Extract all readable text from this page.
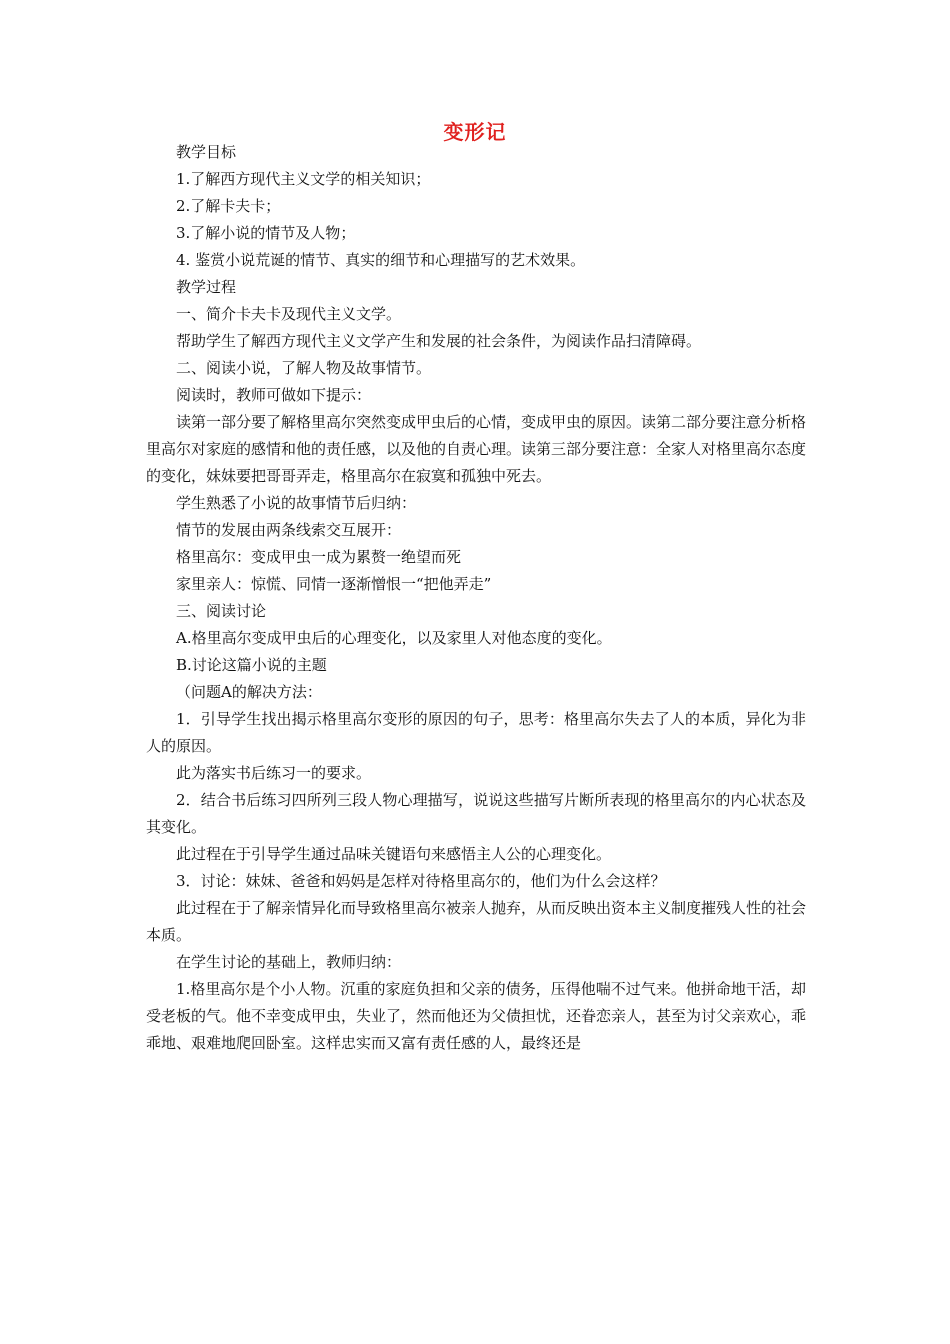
变形记

教学目标

1.了解西方现代主义文学的相关知识；

2.了解卡夫卡；

3.了解小说的情节及人物；

4. 鉴赏小说荒诞的情节、真实的细节和心理描写的艺术效果。

教学过程

一、简介卡夫卡及现代主义文学。

帮助学生了解西方现代主义文学产生和发展的社会条件，为阅读作品扫清障碍。

二、阅读小说，了解人物及故事情节。

阅读时，教师可做如下提示：

读第一部分要了解格里高尔突然变成甲虫后的心情，变成甲虫的原因。读第二部分要注意分析格里高尔对家庭的感情和他的责任感，以及他的自责心理。读第三部分要注意：全家人对格里高尔态度的变化，妹妹要把哥哥弄走，格里高尔在寂寞和孤独中死去。

学生熟悉了小说的故事情节后归纳：

情节的发展由两条线索交互展开：

格里高尔：变成甲虫一成为累赘一绝望而死

家里亲人：惊慌、同情一逐渐憎恨一“把他弄走”

三、阅读讨论

A.格里高尔变成甲虫后的心理变化，以及家里人对他态度的变化。

B.讨论这篇小说的主题

（问题A的解决方法：

1．引导学生找出揭示格里高尔变形的原因的句子，思考：格里高尔失去了人的本质，异化为非人的原因。

此为落实书后练习一的要求。

2．结合书后练习四所列三段人物心理描写，说说这些描写片断所表现的格里高尔的内心状态及其变化。

此过程在于引导学生通过品味关键语句来感悟主人公的心理变化。

3．讨论：妹妹、爸爸和妈妈是怎样对待格里高尔的，他们为什么会这样？

此过程在于了解亲情异化而导致格里高尔被亲人抛弃，从而反映出资本主义制度摧残人性的社会本质。

在学生讨论的基础上，教师归纳：

1.格里高尔是个小人物。沉重的家庭负担和父亲的债务，压得他喘不过气来。他拼命地干活，却受老板的气。他不幸变成甲虫，失业了，然而他还为父债担忧，还眷恋亲人，甚至为讨父亲欢心，乖乖地、艰难地爬回卧室。这样忠实而又富有责任感的人，最终还是
